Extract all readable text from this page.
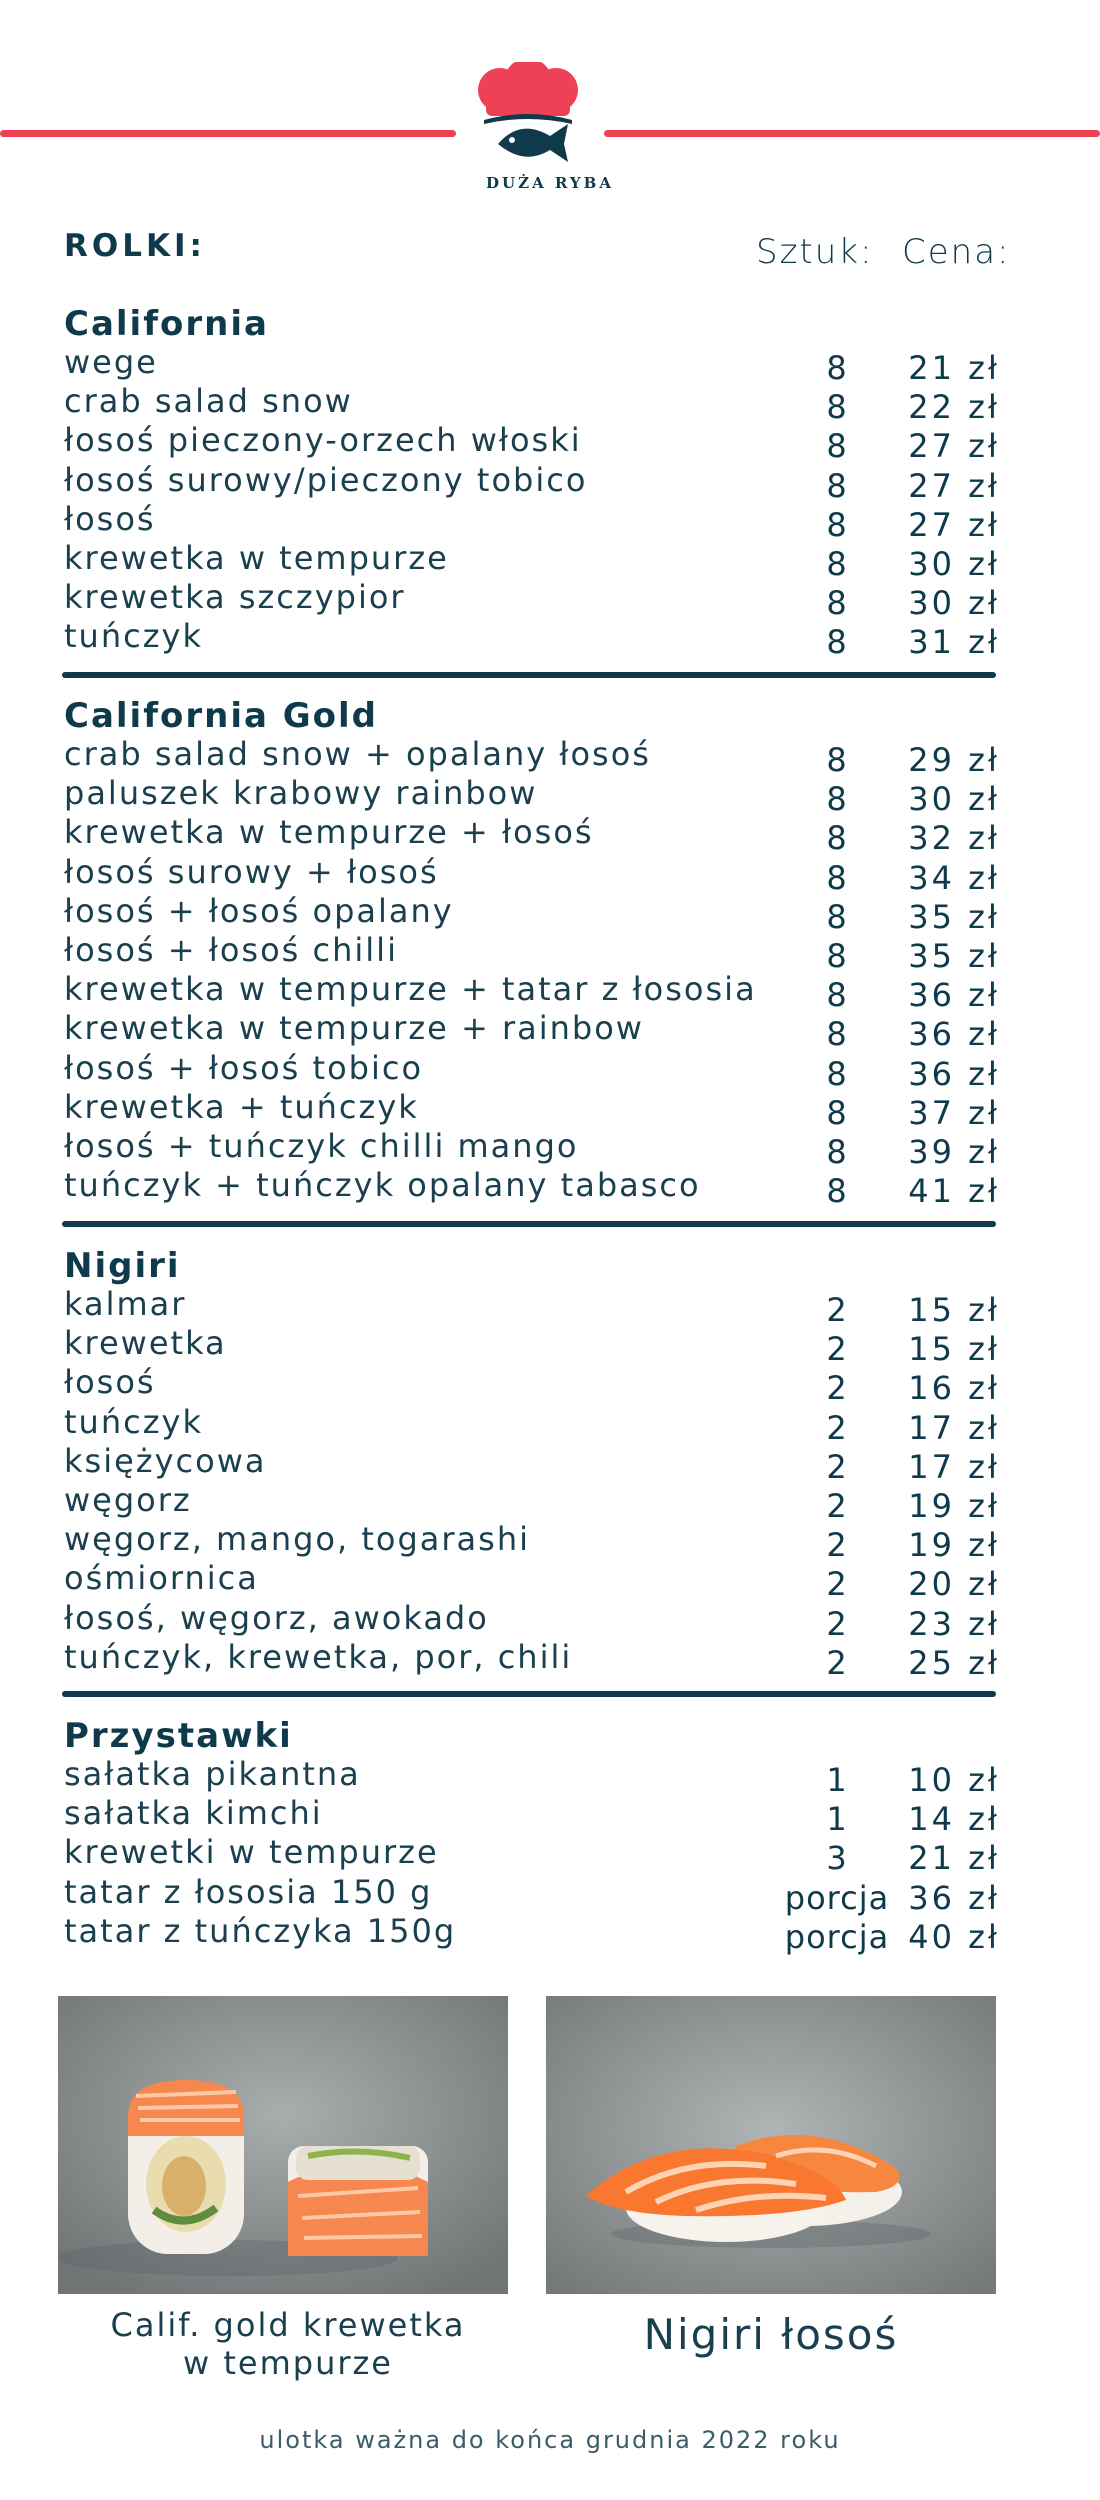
DUŻA RYBA
ROLKI:	Sztuk: Cena:
California
wege	8	21 zł
crab salad snow	8	22 zł
łosoś pieczony-orzech włoski	8	27 zł
łosoś surowy/pieczony tobico	8	27 zł
łosoś	8	27 zł
krewetka w tempurze	8	30 zł
krewetka szczypior	8	30 zł
tuńczyk	8	31 zł
California Gold
crab salad snow + opalany łosoś	8	29 zł
paluszek krabowy rainbow	8	30 zł
krewetka w tempurze + łosoś	8	32 zł
łosoś surowy + łosoś	8	34 zł
łosoś + łosoś opalany	8	35 zł
łosoś + łosoś chilli	8	35 zł
krewetka w tempurze + tatar z łososia	8	36 zł
krewetka w tempurze + rainbow	8	36 zł
łosoś + łosoś tobico	8	36 zł
krewetka + tuńczyk	8	37 zł
łosoś + tuńczyk chilli mango	8	39 zł
tuńczyk + tuńczyk opalany tabasco	8	41 zł
Nigiri
kalmar	2	15 zł
krewetka	2	15 zł
łosoś	2	16 zł
tuńczyk	2	17 zł
księżycowa	2	17 zł
węgorz	2	19 zł
węgorz, mango, togarashi	2	19 zł
ośmiornica	2	20 zł
łosoś, węgorz, awokado	2	23 zł
tuńczyk, krewetka, por, chili	2	25 zł
Przystawki
sałatka pikantna	1	10 zł
sałatka kimchi	1	14 zł
krewetki w tempurze	3	21 zł
tatar z łososia 150 g	porcja 36 zł
tatar z tuńczyka 150g	porcja 40 zł
Calif. gold krewetka
w tempurze
Nigiri łosoś
ulotka ważna do końca grudnia 2022 roku
